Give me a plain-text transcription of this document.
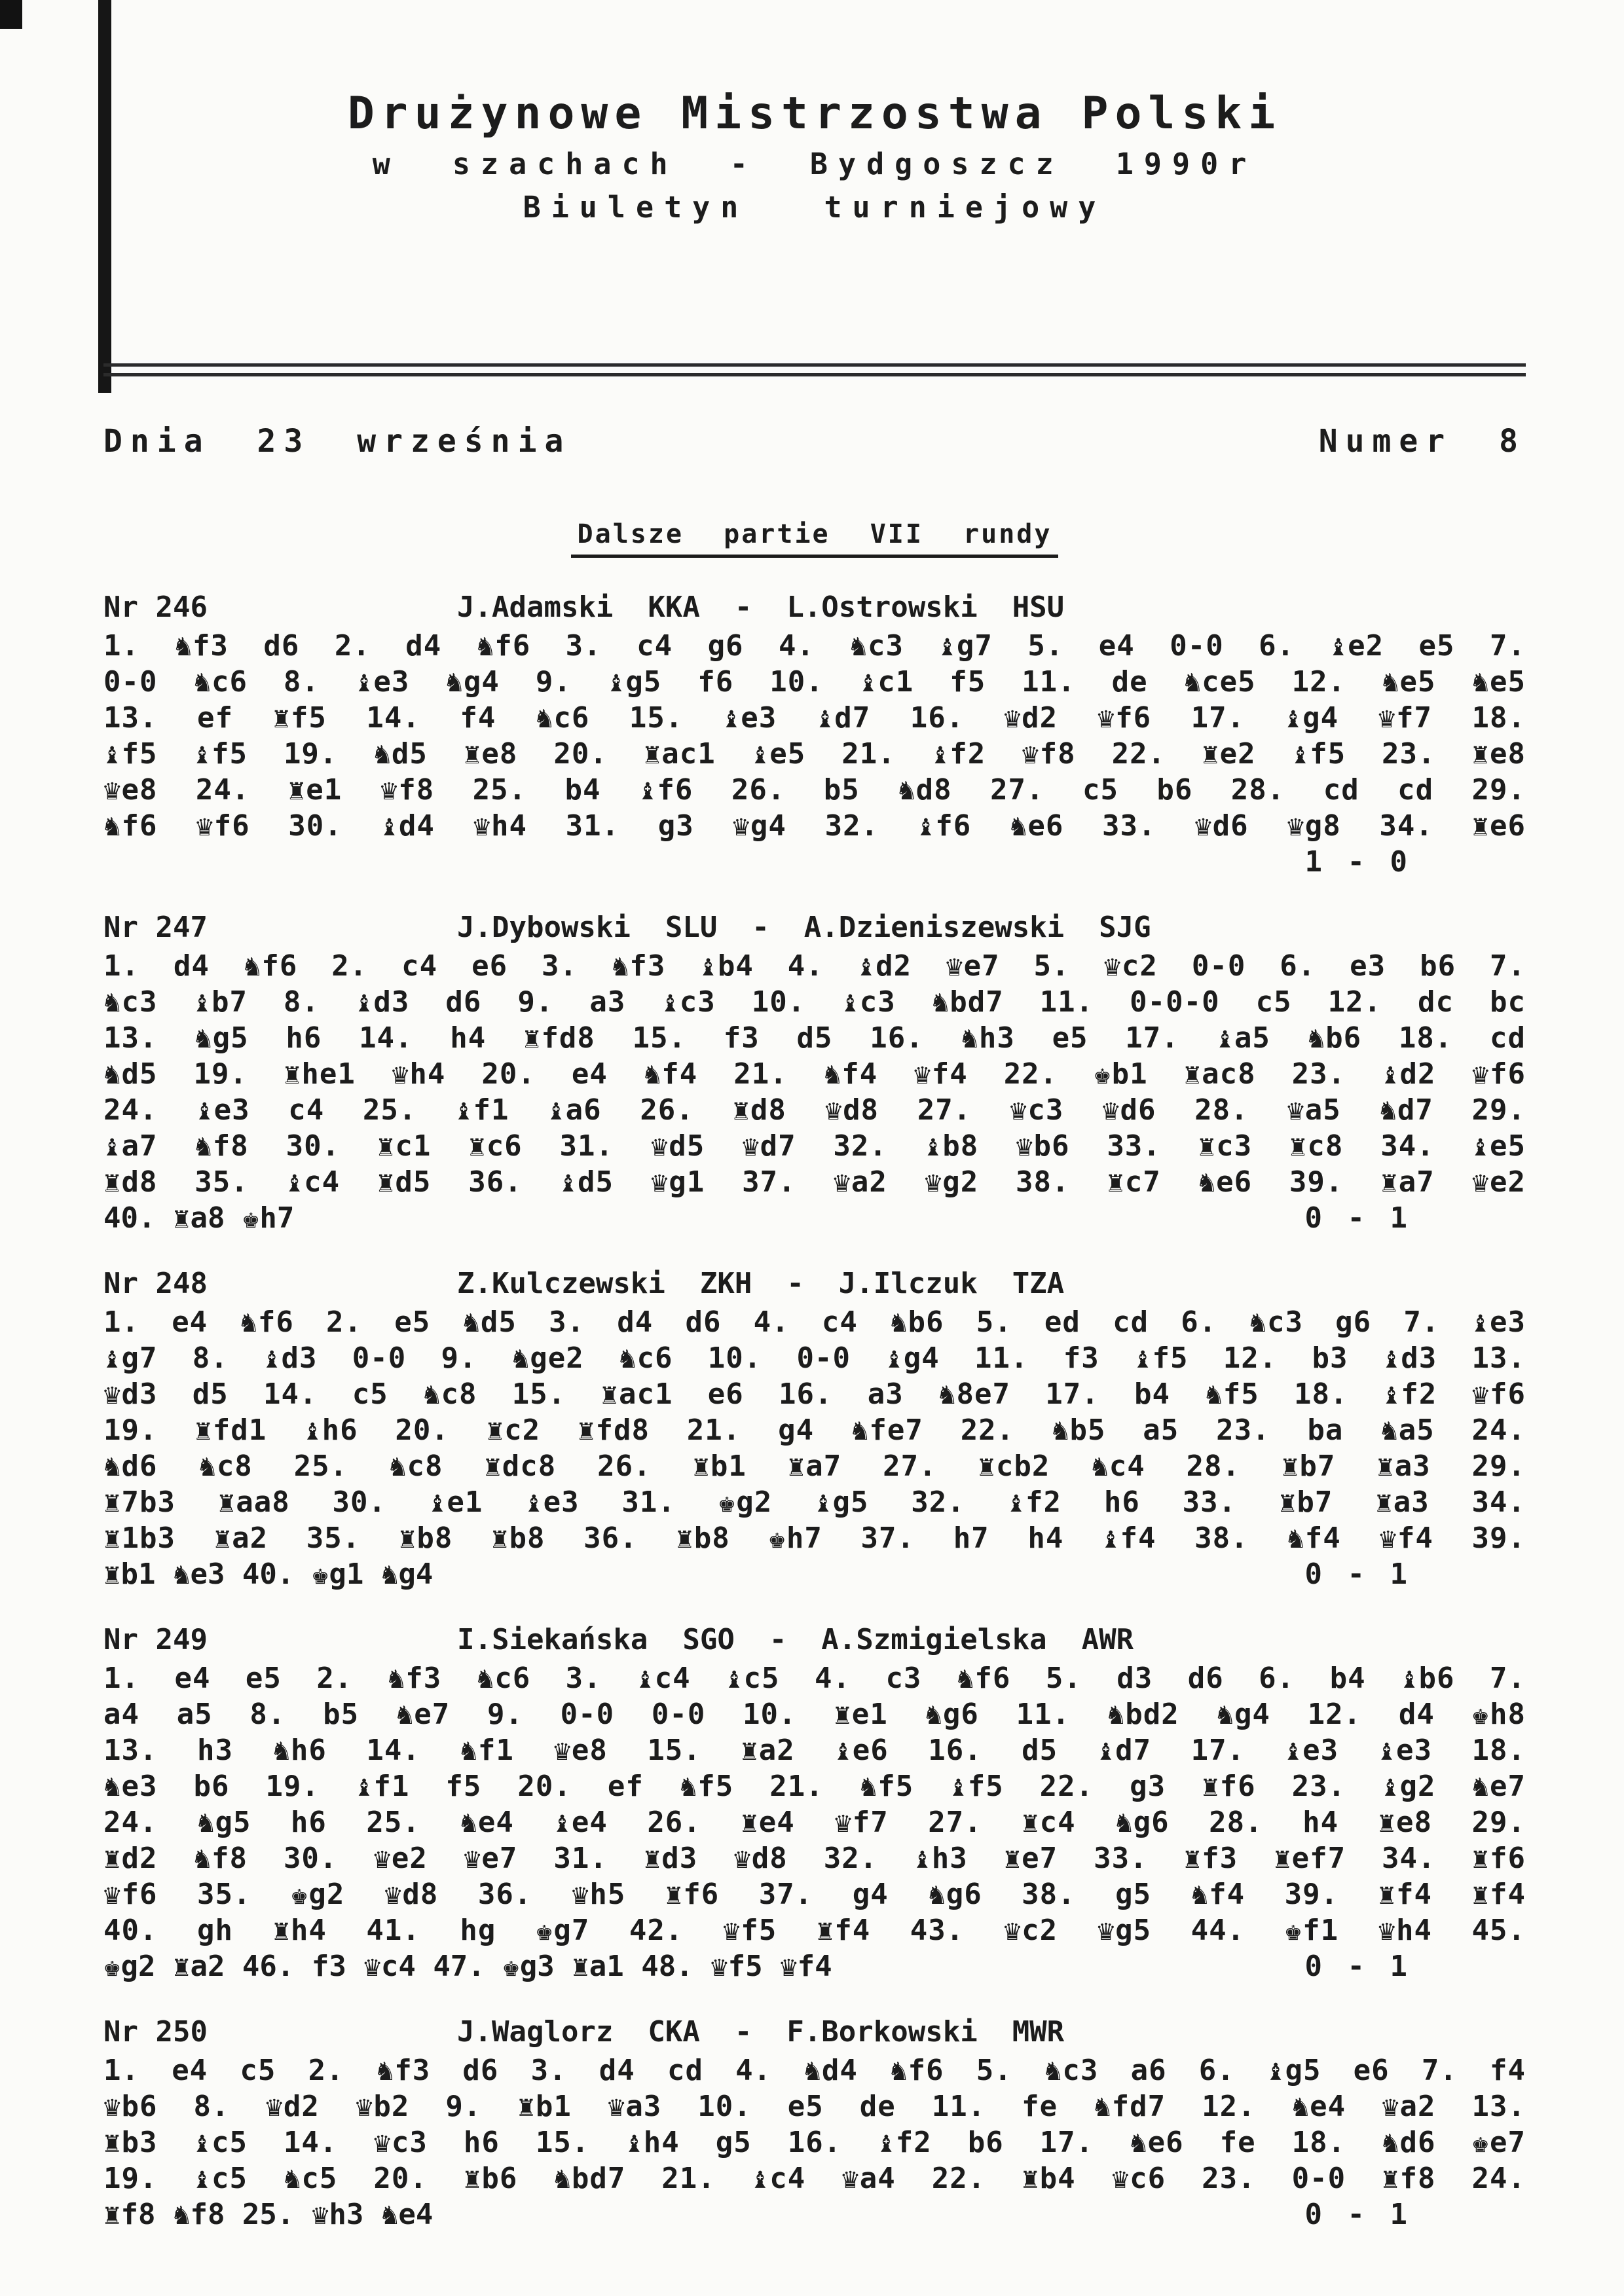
Drużynowe Mistrzostwa Polski
w szachach - Bydgoszcz 1990r
Biuletyn turniejowy
Dnia 23 września	Numer 8
Dalsze partie VII rundy
Nr 246	J.Adamski  KKA  -  L.Ostrowski  HSU
1. ♞f3 d6 2. d4 ♞f6 3. c4 g6 4. ♞c3 ♝g7 5. e4 0-0 6. ♝e2 e5 7.
0-0 ♞c6 8. ♝e3 ♞g4 9. ♝g5 f6 10. ♝c1 f5 11. de ♞ce5 12. ♞e5 ♞e5
13. ef ♜f5 14. f4 ♞c6 15. ♝e3 ♝d7 16. ♛d2 ♛f6 17. ♝g4 ♛f7 18.
♝f5 ♝f5 19. ♞d5 ♜e8 20. ♜ac1 ♝e5 21. ♝f2 ♛f8 22. ♜e2 ♝f5 23. ♜e8
♛e8 24. ♜e1 ♛f8 25. b4 ♝f6 26. b5 ♞d8 27. c5 b6 28. cd cd 29.
♞f6 ♛f6 30. ♝d4 ♛h4 31. g3 ♛g4 32. ♝f6 ♞e6 33. ♛d6 ♛g8 34. ♜e6
1 - 0
Nr 247	J.Dybowski  SLU  -  A.Dzieniszewski  SJG
1. d4 ♞f6 2. c4 e6 3. ♞f3 ♝b4 4. ♝d2 ♛e7 5. ♛c2 0-0 6. e3 b6 7.
♞c3 ♝b7 8. ♝d3 d6 9. a3 ♝c3 10. ♝c3 ♞bd7 11. 0-0-0 c5 12. dc bc
13. ♞g5 h6 14. h4 ♜fd8 15. f3 d5 16. ♞h3 e5 17. ♝a5 ♞b6 18. cd
♞d5 19. ♜he1 ♛h4 20. e4 ♞f4 21. ♞f4 ♛f4 22. ♚b1 ♜ac8 23. ♝d2 ♛f6
24. ♝e3 c4 25. ♝f1 ♝a6 26. ♜d8 ♛d8 27. ♛c3 ♛d6 28. ♛a5 ♞d7 29.
♝a7 ♞f8 30. ♜c1 ♜c6 31. ♛d5 ♛d7 32. ♝b8 ♛b6 33. ♜c3 ♜c8 34. ♝e5
♜d8 35. ♝c4 ♜d5 36. ♝d5 ♛g1 37. ♛a2 ♛g2 38. ♜c7 ♞e6 39. ♜a7 ♛e2
40. ♜a8 ♚h7	0 - 1
Nr 248	Z.Kulczewski  ZKH  -  J.Ilczuk  TZA
1. e4 ♞f6 2. e5 ♞d5 3. d4 d6 4. c4 ♞b6 5. ed cd 6. ♞c3 g6 7. ♝e3
♝g7 8. ♝d3 0-0 9. ♞ge2 ♞c6 10. 0-0 ♝g4 11. f3 ♝f5 12. b3 ♝d3 13.
♛d3 d5 14. c5 ♞c8 15. ♜ac1 e6 16. a3 ♞8e7 17. b4 ♞f5 18. ♝f2 ♛f6
19. ♜fd1 ♝h6 20. ♜c2 ♜fd8 21. g4 ♞fe7 22. ♞b5 a5 23. ba ♞a5 24.
♞d6 ♞c8 25. ♞c8 ♜dc8 26. ♜b1 ♜a7 27. ♜cb2 ♞c4 28. ♜b7 ♜a3 29.
♜7b3 ♜aa8 30. ♝e1 ♝e3 31. ♚g2 ♝g5 32. ♝f2 h6 33. ♜b7 ♜a3 34.
♜1b3 ♜a2 35. ♜b8 ♜b8 36. ♜b8 ♚h7 37. h7 h4 ♝f4 38. ♞f4 ♛f4 39.
♜b1 ♞e3 40. ♚g1 ♞g4	0 - 1
Nr 249	I.Siekańska  SGO  -  A.Szmigielska  AWR
1. e4 e5 2. ♞f3 ♞c6 3. ♝c4 ♝c5 4. c3 ♞f6 5. d3 d6 6. b4 ♝b6 7.
a4 a5 8. b5 ♞e7 9. 0-0 0-0 10. ♜e1 ♞g6 11. ♞bd2 ♞g4 12. d4 ♚h8
13. h3 ♞h6 14. ♞f1 ♛e8 15. ♜a2 ♝e6 16. d5 ♝d7 17. ♝e3 ♝e3 18.
♞e3 b6 19. ♝f1 f5 20. ef ♞f5 21. ♞f5 ♝f5 22. g3 ♜f6 23. ♝g2 ♞e7
24. ♞g5 h6 25. ♞e4 ♝e4 26. ♜e4 ♛f7 27. ♜c4 ♞g6 28. h4 ♜e8 29.
♜d2 ♞f8 30. ♛e2 ♛e7 31. ♜d3 ♛d8 32. ♝h3 ♜e7 33. ♜f3 ♜ef7 34. ♜f6
♛f6 35. ♚g2 ♛d8 36. ♛h5 ♜f6 37. g4 ♞g6 38. g5 ♞f4 39. ♜f4 ♜f4
40. gh ♜h4 41. hg ♚g7 42. ♛f5 ♜f4 43. ♛c2 ♛g5 44. ♚f1 ♛h4 45.
♚g2 ♜a2 46. f3 ♛c4 47. ♚g3 ♜a1 48. ♛f5 ♛f4	0 - 1
Nr 250	J.Waglorz  CKA  -  F.Borkowski  MWR
1. e4 c5 2. ♞f3 d6 3. d4 cd 4. ♞d4 ♞f6 5. ♞c3 a6 6. ♝g5 e6 7. f4
♛b6 8. ♛d2 ♛b2 9. ♜b1 ♛a3 10. e5 de 11. fe ♞fd7 12. ♞e4 ♛a2 13.
♜b3 ♝c5 14. ♛c3 h6 15. ♝h4 g5 16. ♝f2 b6 17. ♞e6 fe 18. ♞d6 ♚e7
19. ♝c5 ♞c5 20. ♜b6 ♞bd7 21. ♝c4 ♛a4 22. ♜b4 ♛c6 23. 0-0 ♜f8 24.
♜f8 ♞f8 25. ♛h3 ♞e4	0 - 1
